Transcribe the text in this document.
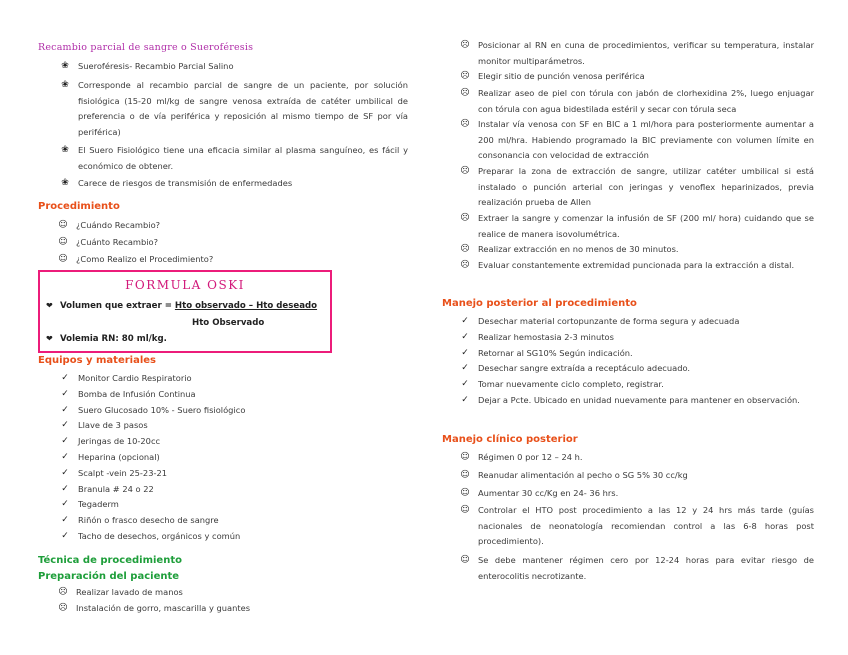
Recambio parcial de sangre o Sueroféresis
❀	Sueroféresis- Recambio Parcial Salino
❀	Corresponde al recambio parcial de sangre de un paciente, por solución fisiológica (15-20 ml/kg de sangre venosa extraída de catéter umbilical de preferencia o de vía periférica y reposición al mismo tiempo de SF por vía periférica)
❀	El Suero Fisiológico tiene una eficacia similar al plasma sanguíneo, es fácil y económico de obtener.
❀	Carece de riesgos de transmisión de enfermedades
Procedimiento
☺ ¿Cuándo Recambio?
☺ ¿Cuánto Recambio?
☺ ¿Como Realizo el Procedimiento?
FORMULA OSKI
❤ Volumen que extraer = Hto observado – Hto deseado
Hto Observado
❤ Volemia RN: 80 ml/kg.
Equipos y materiales
✓	Monitor Cardio Respiratorio
✓	Bomba de Infusión Continua
✓	Suero Glucosado 10% - Suero fisiológico
✓	Llave de 3 pasos
✓	Jeringas de 10-20cc
✓	Heparina (opcional)
✓	Scalpt -vein 25-23-21
✓	Branula # 24 o 22
✓	Tegaderm
✓	Riñón o frasco desecho de sangre
✓	Tacho de desechos, orgánicos y común
Técnica de procedimiento
Preparación del paciente
☹ Realizar lavado de manos
☹ Instalación de gorro, mascarilla y guantes
☹ Posicionar al RN en cuna de procedimientos, verificar su temperatura, instalar monitor multiparámetros.
☹ Elegir sitio de punción venosa periférica
☹ Realizar aseo de piel con tórula con jabón de clorhexidina 2%, luego enjuagar con tórula con agua bidestilada estéril y secar con tórula seca
☹ Instalar vía venosa con SF en BIC a 1 ml/hora para posteriormente aumentar a 200 ml/hra. Habiendo programado la BIC previamente con volumen límite en consonancia con velocidad de extracción
☹ Preparar la zona de extracción de sangre, utilizar catéter umbilical si está instalado o punción arterial con jeringas y venoflex heparinizados, previa realización prueba de Allen
☹ Extraer la sangre y comenzar la infusión de SF (200 ml/ hora) cuidando que se realice de manera isovolumétrica.
☹ Realizar extracción en no menos de 30 minutos.
☹ Evaluar constantemente extremidad puncionada para la extracción a distal.
Manejo posterior al procedimiento
✓	Desechar material cortopunzante de forma segura y adecuada
✓	Realizar hemostasia 2-3 minutos
✓	Retornar al SG10% Según indicación.
✓	Desechar sangre extraída a receptáculo adecuado.
✓	Tomar nuevamente ciclo completo, registrar.
✓	Dejar a Pcte. Ubicado en unidad nuevamente para mantener en observación.
Manejo clínico posterior
☺ Régimen 0 por 12 – 24 h.
☺ Reanudar alimentación al pecho o SG 5% 30 cc/kg
☺ Aumentar 30 cc/Kg en 24- 36 hrs.
☺ Controlar el HTO post procedimiento a las 12 y 24 hrs más tarde (guías nacionales de neonatología recomiendan control a las 6-8 horas post procedimiento).
☺ Se debe mantener régimen cero por 12-24 horas para evitar riesgo de enterocolitis necrotizante.
